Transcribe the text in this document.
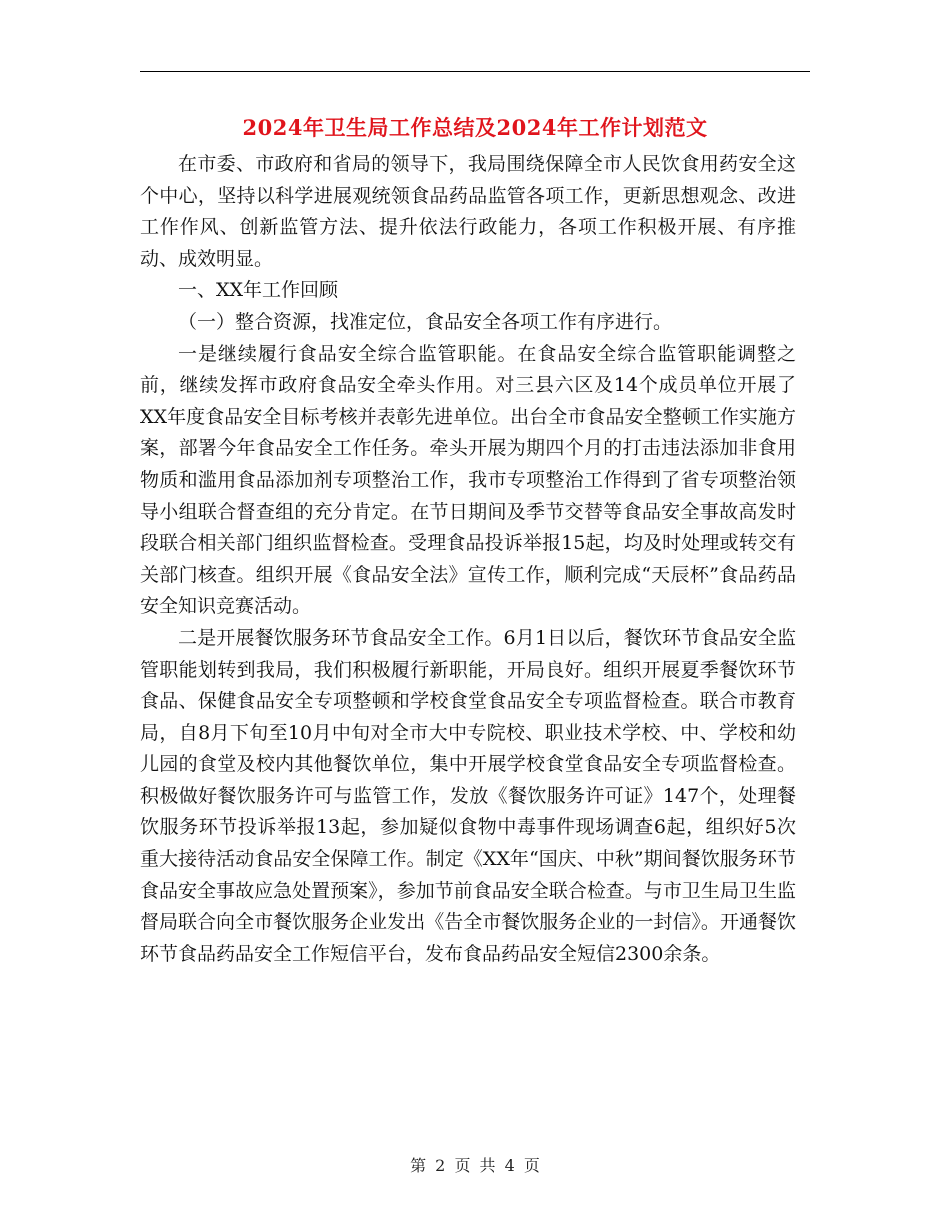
2024年卫生局工作总结及2024年工作计划范文

在市委、市政府和省局的领导下，我局围绕保障全市人民饮食用药安全这个中心，坚持以科学进展观统领食品药品监管各项工作，更新思想观念、改进工作作风、创新监管方法、提升依法行政能力，各项工作积极开展、有序推动、成效明显。

一、XX年工作回顾

（一）整合资源，找准定位，食品安全各项工作有序进行。

一是继续履行食品安全综合监管职能。在食品安全综合监管职能调整之前，继续发挥市政府食品安全牵头作用。对三县六区及14个成员单位开展了XX年度食品安全目标考核并表彰先进单位。出台全市食品安全整顿工作实施方案，部署今年食品安全工作任务。牵头开展为期四个月的打击违法添加非食用物质和滥用食品添加剂专项整治工作，我市专项整治工作得到了省专项整治领导小组联合督查组的充分肯定。在节日期间及季节交替等食品安全事故高发时段联合相关部门组织监督检查。受理食品投诉举报15起，均及时处理或转交有关部门核查。组织开展《食品安全法》宣传工作，顺利完成“天辰杯”食品药品安全知识竞赛活动。

二是开展餐饮服务环节食品安全工作。6月1日以后，餐饮环节食品安全监管职能划转到我局，我们积极履行新职能，开局良好。组织开展夏季餐饮环节食品、保健食品安全专项整顿和学校食堂食品安全专项监督检查。联合市教育局，自8月下旬至10月中旬对全市大中专院校、职业技术学校、中、学校和幼儿园的食堂及校内其他餐饮单位，集中开展学校食堂食品安全专项监督检查。积极做好餐饮服务许可与监管工作，发放《餐饮服务许可证》147个，处理餐饮服务环节投诉举报13起，参加疑似食物中毒事件现场调查6起，组织好5次重大接待活动食品安全保障工作。制定《XX年“国庆、中秋”期间餐饮服务环节食品安全事故应急处置预案》，参加节前食品安全联合检查。与市卫生局卫生监督局联合向全市餐饮服务企业发出《告全市餐饮服务企业的一封信》。开通餐饮环节食品药品安全工作短信平台，发布食品药品安全短信2300余条。

第 2 页 共 4 页
